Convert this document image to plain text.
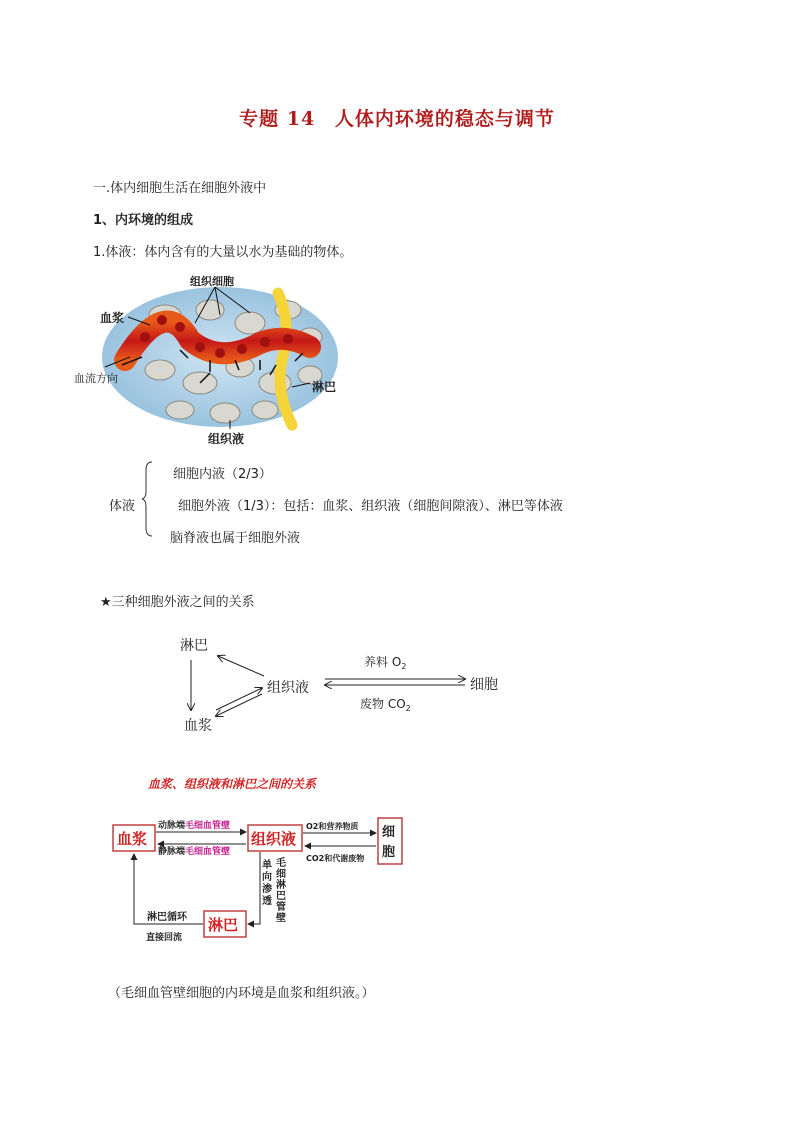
专题 14 人体内环境的稳态与调节
一.体内细胞生活在细胞外液中
1、内环境的组成
1.体液：体内含有的大量以水为基础的物体。
组织细胞
血浆
血流方向
淋巴
组织液
体液
细胞内液（2/3）
细胞外液（1/3）：包括：血浆、组织液（细胞间隙液）、淋巴等体液
脑脊液也属于细胞外液
★三种细胞外液之间的关系
淋巴
组织液
血浆
细胞
养料 $O_2$
废物 $CO_2$
血浆、组织液和淋巴之间的关系
血浆	组织液	细
胞
淋巴
动脉端毛细血管壁
静脉端毛细血管壁
O2和营养物质
CO2和代谢废物
单
向
渗
透
毛
细
淋
巴
管
壁
淋巴循环
直接回流
（毛细血管壁细胞的内环境是血浆和组织液。）
